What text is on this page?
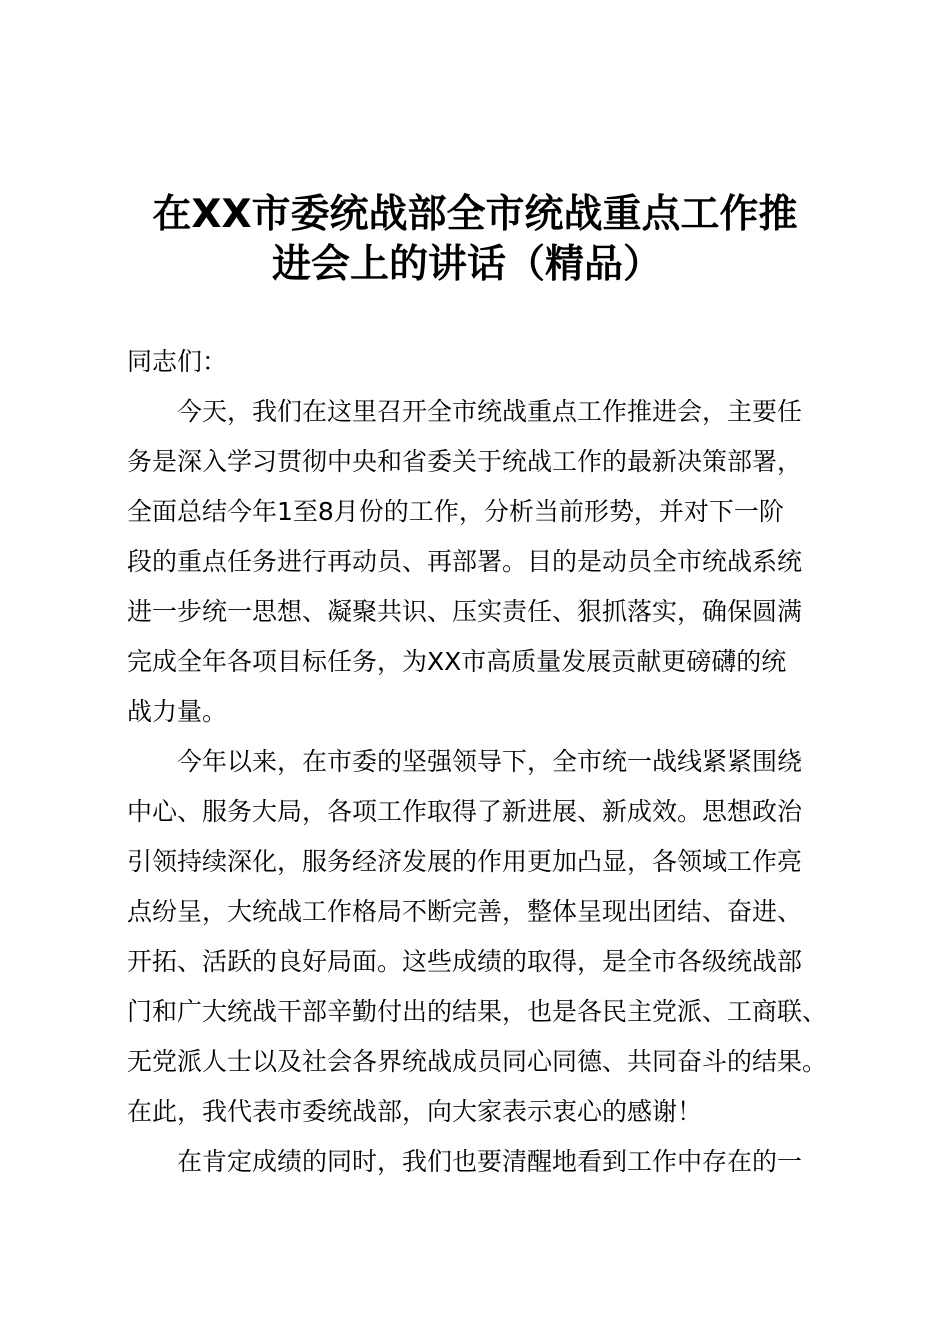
在XX市委统战部全市统战重点工作推
进会上的讲话（精品）
同志们：
今天，我们在这里召开全市统战重点工作推进会，主要任
务是深入学习贯彻中央和省委关于统战工作的最新决策部署，
全面总结今年1至8月份的工作，分析当前形势，并对下一阶
段的重点任务进行再动员、再部署。目的是动员全市统战系统
进一步统一思想、凝聚共识、压实责任、狠抓落实，确保圆满
完成全年各项目标任务，为XX市高质量发展贡献更磅礴的统
战力量。
今年以来，在市委的坚强领导下，全市统一战线紧紧围绕
中心、服务大局，各项工作取得了新进展、新成效。思想政治
引领持续深化，服务经济发展的作用更加凸显，各领域工作亮
点纷呈，大统战工作格局不断完善，整体呈现出团结、奋进、
开拓、活跃的良好局面。这些成绩的取得，是全市各级统战部
门和广大统战干部辛勤付出的结果，也是各民主党派、工商联、
无党派人士以及社会各界统战成员同心同德、共同奋斗的结果。
在此，我代表市委统战部，向大家表示衷心的感谢！
在肯定成绩的同时，我们也要清醒地看到工作中存在的一
